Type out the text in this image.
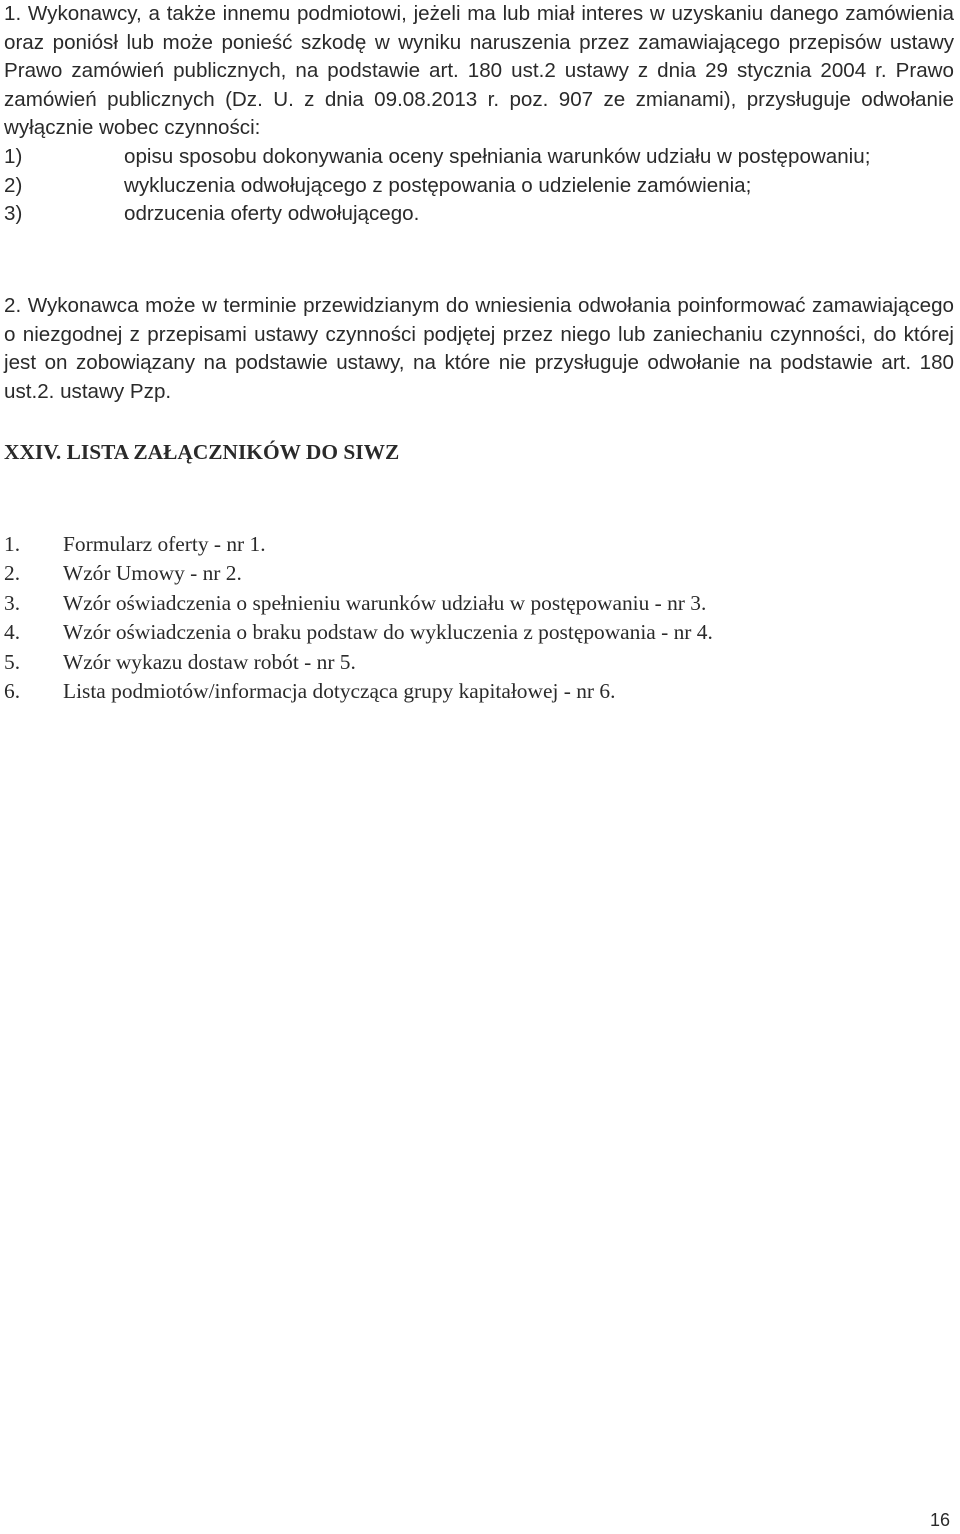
1. Wykonawcy, a także innemu podmiotowi, jeżeli ma lub miał interes w uzyskaniu danego zamówienia oraz poniósł lub może ponieść szkodę w wyniku naruszenia przez zamawiającego przepisów ustawy Prawo zamówień publicznych, na podstawie art. 180 ust.2 ustawy z dnia 29 stycznia 2004 r. Prawo zamówień publicznych (Dz. U. z dnia 09.08.2013 r. poz. 907 ze zmianami), przysługuje odwołanie wyłącznie wobec czynności:
1)	opisu sposobu dokonywania oceny spełniania warunków udziału w postępowaniu;
2)	wykluczenia odwołującego z postępowania o udzielenie zamówienia;
3)	odrzucenia oferty odwołującego.
2. Wykonawca może w terminie przewidzianym do wniesienia odwołania poinformować zamawiającego o niezgodnej z przepisami ustawy czynności podjętej przez niego lub zaniechaniu czynności, do której jest on zobowiązany na podstawie ustawy, na które nie przysługuje odwołanie na podstawie art. 180 ust.2. ustawy Pzp.
XXIV. LISTA ZAŁĄCZNIKÓW DO SIWZ
1. Formularz oferty - nr 1.
2. Wzór Umowy - nr 2.
3. Wzór oświadczenia o spełnieniu warunków udziału w postępowaniu - nr 3.
4. Wzór oświadczenia o braku podstaw do wykluczenia z postępowania - nr 4.
5. Wzór wykazu dostaw robót - nr 5.
6. Lista podmiotów/informacja dotycząca grupy kapitałowej - nr 6.
16
